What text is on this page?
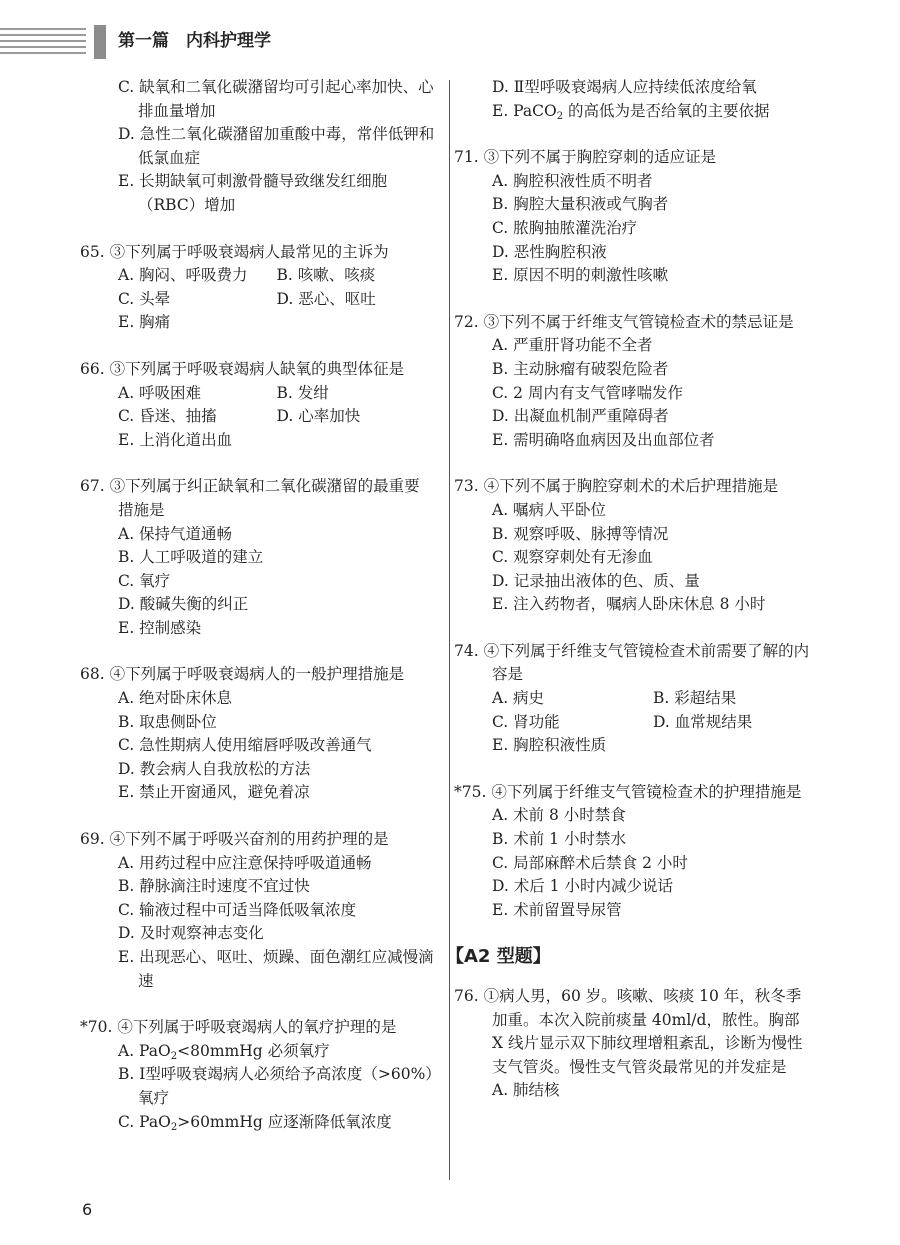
第一篇　内科护理学
C. 缺氧和二氧化碳潴留均可引起心率加快、心排血量增加
D. 急性二氧化碳潴留加重酸中毒，常伴低钾和低氯血症
E. 长期缺氧可刺激骨髓导致继发红细胞（RBC）增加
65. ③下列属于呼吸衰竭病人最常见的主诉为
A. 胸闷、呼吸费力	B. 咳嗽、咳痰
C. 头晕	D. 恶心、呕吐
E. 胸痛
66. ③下列属于呼吸衰竭病人缺氧的典型体征是
A. 呼吸困难	B. 发绀
C. 昏迷、抽搐	D. 心率加快
E. 上消化道出血
67. ③下列属于纠正缺氧和二氧化碳潴留的最重要措施是
A. 保持气道通畅
B. 人工呼吸道的建立
C. 氧疗
D. 酸碱失衡的纠正
E. 控制感染
68. ④下列属于呼吸衰竭病人的一般护理措施是
A. 绝对卧床休息
B. 取患侧卧位
C. 急性期病人使用缩唇呼吸改善通气
D. 教会病人自我放松的方法
E. 禁止开窗通风，避免着凉
69. ④下列不属于呼吸兴奋剂的用药护理的是
A. 用药过程中应注意保持呼吸道通畅
B. 静脉滴注时速度不宜过快
C. 输液过程中可适当降低吸氧浓度
D. 及时观察神志变化
E. 出现恶心、呕吐、烦躁、面色潮红应减慢滴速
*70. ④下列属于呼吸衰竭病人的氧疗护理的是
A. PaO$_2$<80mmHg 必须氧疗
B. Ⅰ型呼吸衰竭病人必须给予高浓度（>60%）氧疗
C. PaO$_2$>60mmHg 应逐渐降低氧浓度
D. Ⅱ型呼吸衰竭病人应持续低浓度给氧
E. PaCO$_2$ 的高低为是否给氧的主要依据
71. ③下列不属于胸腔穿刺的适应证是
A. 胸腔积液性质不明者
B. 胸腔大量积液或气胸者
C. 脓胸抽脓灌洗治疗
D. 恶性胸腔积液
E. 原因不明的刺激性咳嗽
72. ③下列不属于纤维支气管镜检查术的禁忌证是
A. 严重肝肾功能不全者
B. 主动脉瘤有破裂危险者
C. 2 周内有支气管哮喘发作
D. 出凝血机制严重障碍者
E. 需明确咯血病因及出血部位者
73. ④下列不属于胸腔穿刺术的术后护理措施是
A. 嘱病人平卧位
B. 观察呼吸、脉搏等情况
C. 观察穿刺处有无渗血
D. 记录抽出液体的色、质、量
E. 注入药物者，嘱病人卧床休息 8 小时
74. ④下列属于纤维支气管镜检查术前需要了解的内容是
A. 病史	B. 彩超结果
C. 肾功能	D. 血常规结果
E. 胸腔积液性质
*75. ④下列属于纤维支气管镜检查术的护理措施是
A. 术前 8 小时禁食
B. 术前 1 小时禁水
C. 局部麻醉术后禁食 2 小时
D. 术后 1 小时内减少说话
E. 术前留置导尿管
【A2 型题】
76. ①病人男，60 岁。咳嗽、咳痰 10 年，秋冬季加重。本次入院前痰量 40ml/d，脓性。胸部 X 线片显示双下肺纹理增粗紊乱，诊断为慢性支气管炎。慢性支气管炎最常见的并发症是
A. 肺结核
6
